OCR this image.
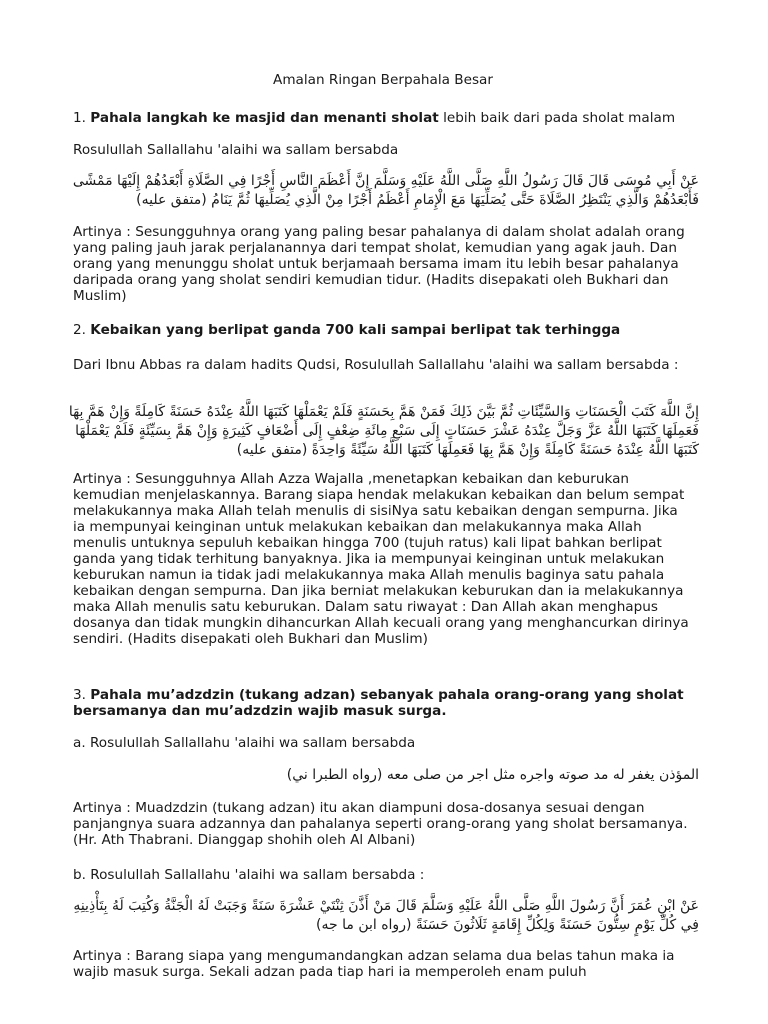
Amalan Ringan Berpahala Besar
1. Pahala langkah ke masjid dan menanti sholat lebih baik dari pada sholat malam
Rosulullah Sallallahu 'alaihi wa sallam bersabda
عَنْ أَبِي مُوسَى قَالَ قَالَ رَسُولُ اللَّهِ صَلَّى اللَّهُ عَلَيْهِ وَسَلَّمَ إِنَّ أَعْظَمَ النَّاسِ أَجْرًا فِي الصَّلَاةِ أَبْعَدُهُمْ إِلَيْهَا مَمْشًى فَأَبْعَدُهُمْ وَالَّذِي يَنْتَظِرُ الصَّلَاةَ حَتَّى يُصَلِّيَهَا مَعَ الْإِمَامِ أَعْظَمُ أَجْرًا مِنْ الَّذِي يُصَلِّيهَا ثُمَّ يَنَامُ (متفق عليه)
Artinya : Sesungguhnya orang yang paling besar pahalanya di dalam sholat adalah orang yang paling jauh jarak perjalanannya dari tempat sholat, kemudian yang agak jauh. Dan orang yang menunggu sholat untuk berjamaah bersama imam itu lebih besar pahalanya daripada orang yang sholat sendiri kemudian tidur. (Hadits disepakati oleh Bukhari dan Muslim)
2. Kebaikan yang berlipat ganda 700 kali sampai berlipat tak terhingga
Dari Ibnu Abbas ra dalam hadits Qudsi, Rosulullah Sallallahu 'alaihi wa sallam bersabda :
إِنَّ اللَّهَ كَتَبَ الْحَسَنَاتِ وَالسَّيِّئَاتِ ثُمَّ بَيَّنَ ذَلِكَ فَمَنْ هَمَّ بِحَسَنَةٍ فَلَمْ يَعْمَلْهَا كَتَبَهَا اللَّهُ عِنْدَهُ حَسَنَةً كَامِلَةً وَإِنْ هَمَّ بِهَا فَعَمِلَهَا كَتَبَهَا اللَّهُ عَزَّ وَجَلَّ عِنْدَهُ عَشْرَ حَسَنَاتٍ إِلَى سَبْعِ مِائَةِ ضِعْفٍ إِلَى أَضْعَافٍ كَثِيرَةٍ وَإِنْ هَمَّ بِسَيِّئَةٍ فَلَمْ يَعْمَلْهَا كَتَبَهَا اللَّهُ عِنْدَهُ حَسَنَةً كَامِلَةً وَإِنْ هَمَّ بِهَا فَعَمِلَهَا كَتَبَهَا اللَّهُ سَيِّئَةً وَاحِدَةً (متفق عليه)
Artinya : Sesungguhnya Allah Azza Wajalla ,menetapkan kebaikan dan keburukan kemudian menjelaskannya. Barang siapa hendak melakukan kebaikan dan belum sempat melakukannya maka Allah telah menulis di sisiNya satu kebaikan dengan sempurna. Jika ia mempunyai keinginan untuk melakukan kebaikan dan melakukannya maka Allah menulis untuknya sepuluh kebaikan hingga 700 (tujuh ratus) kali lipat bahkan berlipat ganda yang tidak terhitung banyaknya. Jika ia mempunyai keinginan untuk melakukan keburukan namun ia tidak jadi melakukannya maka Allah menulis baginya satu pahala kebaikan dengan sempurna. Dan jika berniat melakukan keburukan dan ia melakukannya maka Allah menulis satu keburukan. Dalam satu riwayat : Dan Allah akan menghapus dosanya dan tidak mungkin dihancurkan Allah kecuali orang yang menghancurkan dirinya sendiri. (Hadits disepakati oleh Bukhari dan Muslim)
3. Pahala mu’adzdzin (tukang adzan) sebanyak pahala orang-orang yang sholat bersamanya dan mu’adzdzin wajib masuk surga.
a. Rosulullah Sallallahu 'alaihi wa sallam bersabda
المؤذن يغفر له مد صوته واجره مثل اجر من صلى معه (رواه الطبرا ني)
Artinya : Muadzdzin (tukang adzan) itu akan diampuni dosa-dosanya sesuai dengan panjangnya suara adzannya dan pahalanya seperti orang-orang yang sholat bersamanya. (Hr. Ath Thabrani. Dianggap shohih oleh Al Albani)
b. Rosulullah Sallallahu 'alaihi wa sallam bersabda :
عَنْ ابْنِ عُمَرَ أَنَّ رَسُولَ اللَّهِ صَلَّى اللَّهُ عَلَيْهِ وَسَلَّمَ قَالَ مَنْ أَذَّنَ ثِنْتَيْ عَشْرَةَ سَنَةً وَجَبَتْ لَهُ الْجَنَّةُ وَكُتِبَ لَهُ بِتَأْذِينِهِ فِي كُلِّ يَوْمٍ سِتُّونَ حَسَنَةً وَلِكُلِّ إِقَامَةٍ ثَلَاثُونَ حَسَنَةً (رواه ابن ما جه)
Artinya : Barang siapa yang mengumandangkan adzan selama dua belas tahun maka ia wajib masuk surga. Sekali adzan pada tiap hari ia memperoleh enam puluh
